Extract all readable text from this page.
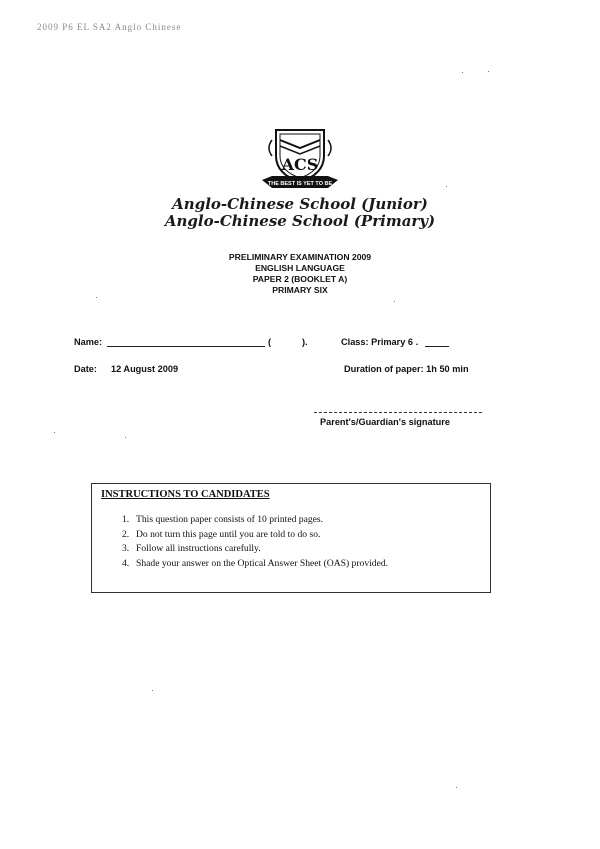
2009 P6 EL SA2 Anglo Chinese
ACS
THE BEST IS YET TO BE
Anglo-Chinese School (Junior)
Anglo-Chinese School (Primary)
PRELIMINARY EXAMINATION 2009
ENGLISH LANGUAGE
PAPER 2 (BOOKLET A)
PRIMARY SIX
Name:	(	).	Class: Primary 6 .
Date: 12 August 2009	Duration of paper: 1h 50 min
Parent's/Guardian's signature
INSTRUCTIONS TO CANDIDATES
1. This question paper consists of 10 printed pages.
2. Do not turn this page until you are told to do so.
3. Follow all instructions carefully.
4. Shade your answer on the Optical Answer Sheet (OAS) provided.
